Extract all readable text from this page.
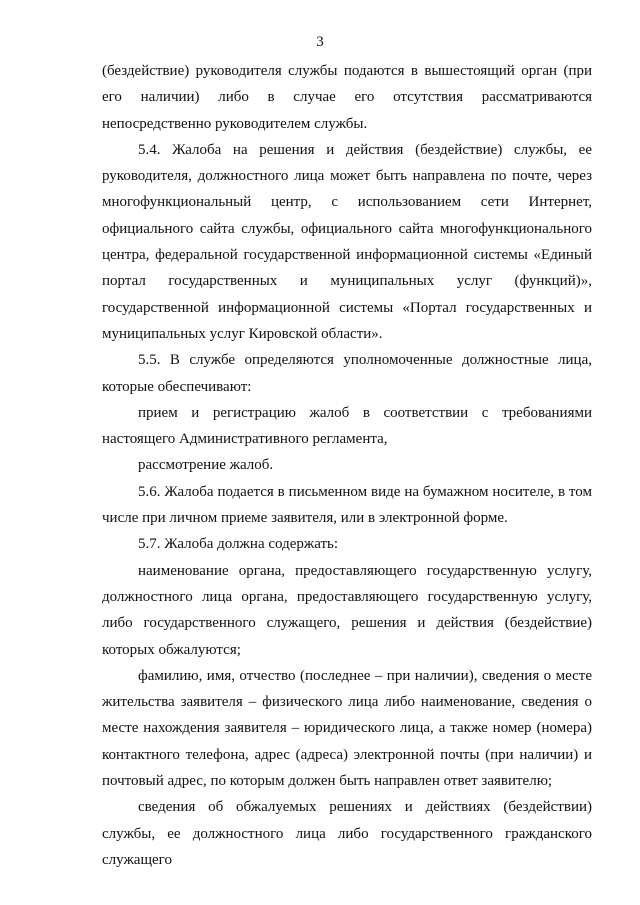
3

(бездействие) руководителя службы подаются в вышестоящий орган (при его наличии) либо в случае его отсутствия рассматриваются непосредственно руководителем службы.

5.4. Жалоба на решения и действия (бездействие) службы, ее руководителя, должностного лица может быть направлена по почте, через многофункциональный центр, с использованием сети Интернет, официального сайта службы, официального сайта многофункционального центра, федеральной государственной информационной системы «Единый портал государственных и муниципальных услуг (функций)», государственной информационной системы «Портал государственных и муниципальных услуг Кировской области».

5.5. В службе определяются уполномоченные должностные лица, которые обеспечивают:

прием и регистрацию жалоб в соответствии с требованиями настоящего Административного регламента,

рассмотрение жалоб.

5.6. Жалоба подается в письменном виде на бумажном носителе, в том числе при личном приеме заявителя, или в электронной форме.

5.7. Жалоба должна содержать:

наименование органа, предоставляющего государственную услугу, должностного лица органа, предоставляющего государственную услугу, либо государственного служащего, решения и действия (бездействие) которых обжалуются;

фамилию, имя, отчество (последнее – при наличии), сведения о месте жительства заявителя – физического лица либо наименование, сведения о месте нахождения заявителя – юридического лица, а также номер (номера) контактного телефона, адрес (адреса) электронной почты (при наличии) и почтовый адрес, по которым должен быть направлен ответ заявителю;

сведения об обжалуемых решениях и действиях (бездействии) службы, ее должностного лица либо государственного гражданского служащего
